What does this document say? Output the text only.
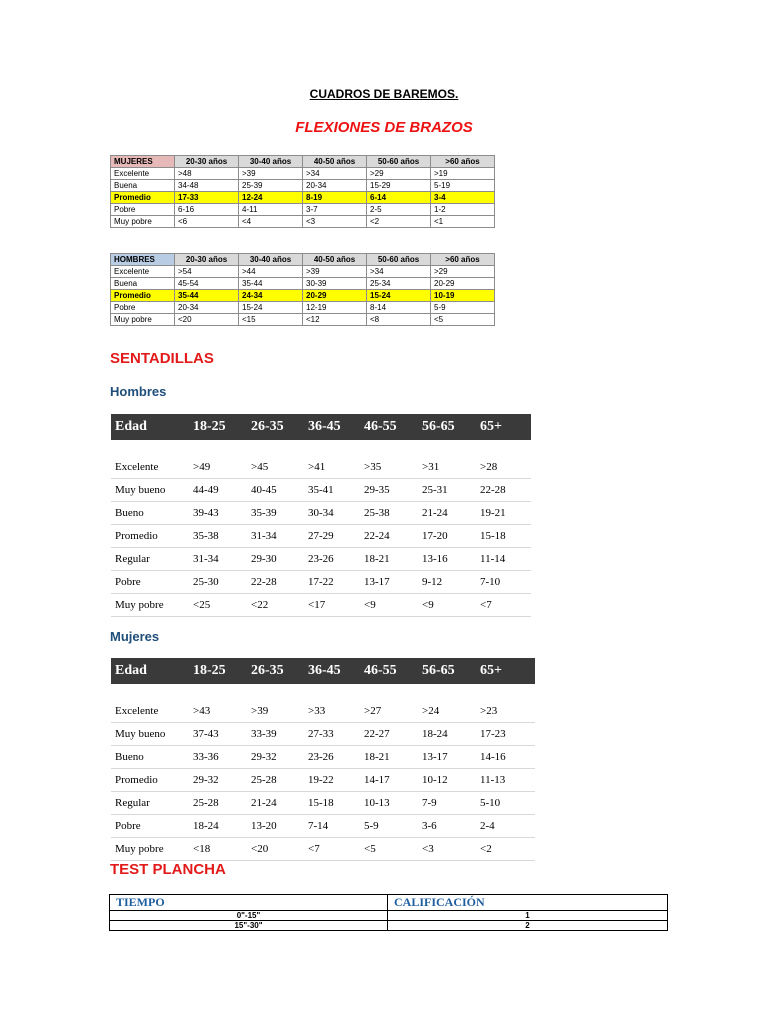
CUADROS DE BAREMOS.
FLEXIONES DE BRAZOS
MUJERES	20-30 años	30-40 años	40-50 años	50-60 años	>60 años
Excelente	>48	>39	>34	>29	>19
Buena	34-48	25-39	20-34	15-29	5-19
Promedio	17-33	12-24	8-19	6-14	3-4
Pobre	6-16	4-11	3-7	2-5	1-2
Muy pobre	<6	<4	<3	<2	<1
HOMBRES	20-30 años	30-40 años	40-50 años	50-60 años	>60 años
Excelente	>54	>44	>39	>34	>29
Buena	45-54	35-44	30-39	25-34	20-29
Promedio	35-44	24-34	20-29	15-24	10-19
Pobre	20-34	15-24	12-19	8-14	5-9
Muy pobre	<20	<15	<12	<8	<5
SENTADILLAS
Hombres
Edad	18-25	26-35	36-45	46-55	56-65	65+
Excelente	>49	>45	>41	>35	>31	>28
Muy bueno	44-49	40-45	35-41	29-35	25-31	22-28
Bueno	39-43	35-39	30-34	25-38	21-24	19-21
Promedio	35-38	31-34	27-29	22-24	17-20	15-18
Regular	31-34	29-30	23-26	18-21	13-16	11-14
Pobre	25-30	22-28	17-22	13-17	9-12	7-10
Muy pobre	<25	<22	<17	<9	<9	<7
Mujeres
Edad	18-25	26-35	36-45	46-55	56-65	65+
Excelente	>43	>39	>33	>27	>24	>23
Muy bueno	37-43	33-39	27-33	22-27	18-24	17-23
Bueno	33-36	29-32	23-26	18-21	13-17	14-16
Promedio	29-32	25-28	19-22	14-17	10-12	11-13
Regular	25-28	21-24	15-18	10-13	7-9	5-10
Pobre	18-24	13-20	7-14	5-9	3-6	2-4
Muy pobre	<18	<20	<7	<5	<3	<2
TEST PLANCHA
TIEMPO	CALIFICACIÓN
0"-15"	1
15"-30"	2
